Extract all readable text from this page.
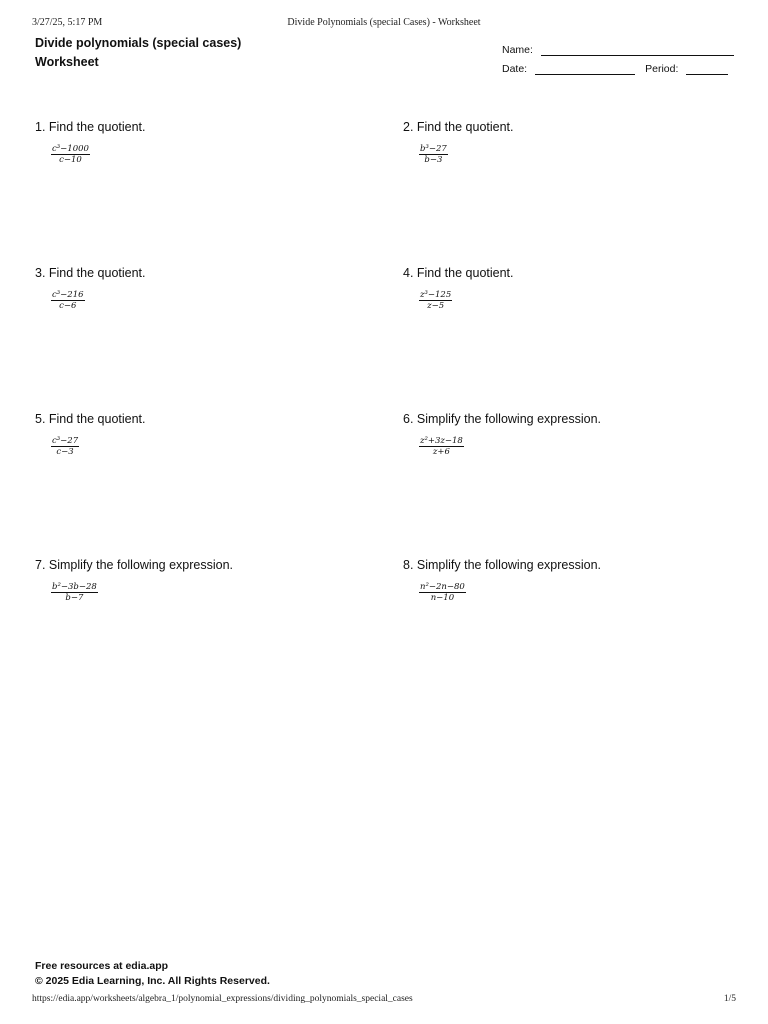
3/27/25, 5:17 PM	Divide Polynomials (special Cases) - Worksheet
Divide polynomials (special cases)
Worksheet
Name:
Date:	Period:
1. Find the quotient.
$\frac{\text{c³−1000}}{c-10}$
2. Find the quotient.
$\frac{\text{b³−27}}{b-3}$
3. Find the quotient.
$\frac{\text{c³−216}}{c-6}$
4. Find the quotient.
$\frac{\text{z³−125}}{z-5}$
5. Find the quotient.
$\frac{\text{c³−27}}{c-3}$
6. Simplify the following expression.
$\frac{\text{z²+3z−18}}{z+6}$
7. Simplify the following expression.
$\frac{\text{b²−3b−28}}{b-7}$
8. Simplify the following expression.
$\frac{\text{n²−2n−80}}{n-10}$
Free resources at edia.app
© 2025 Edia Learning, Inc. All Rights Reserved.
https://edia.app/worksheets/algebra_1/polynomial_expressions/dividing_polynomials_special_cases	1/5
